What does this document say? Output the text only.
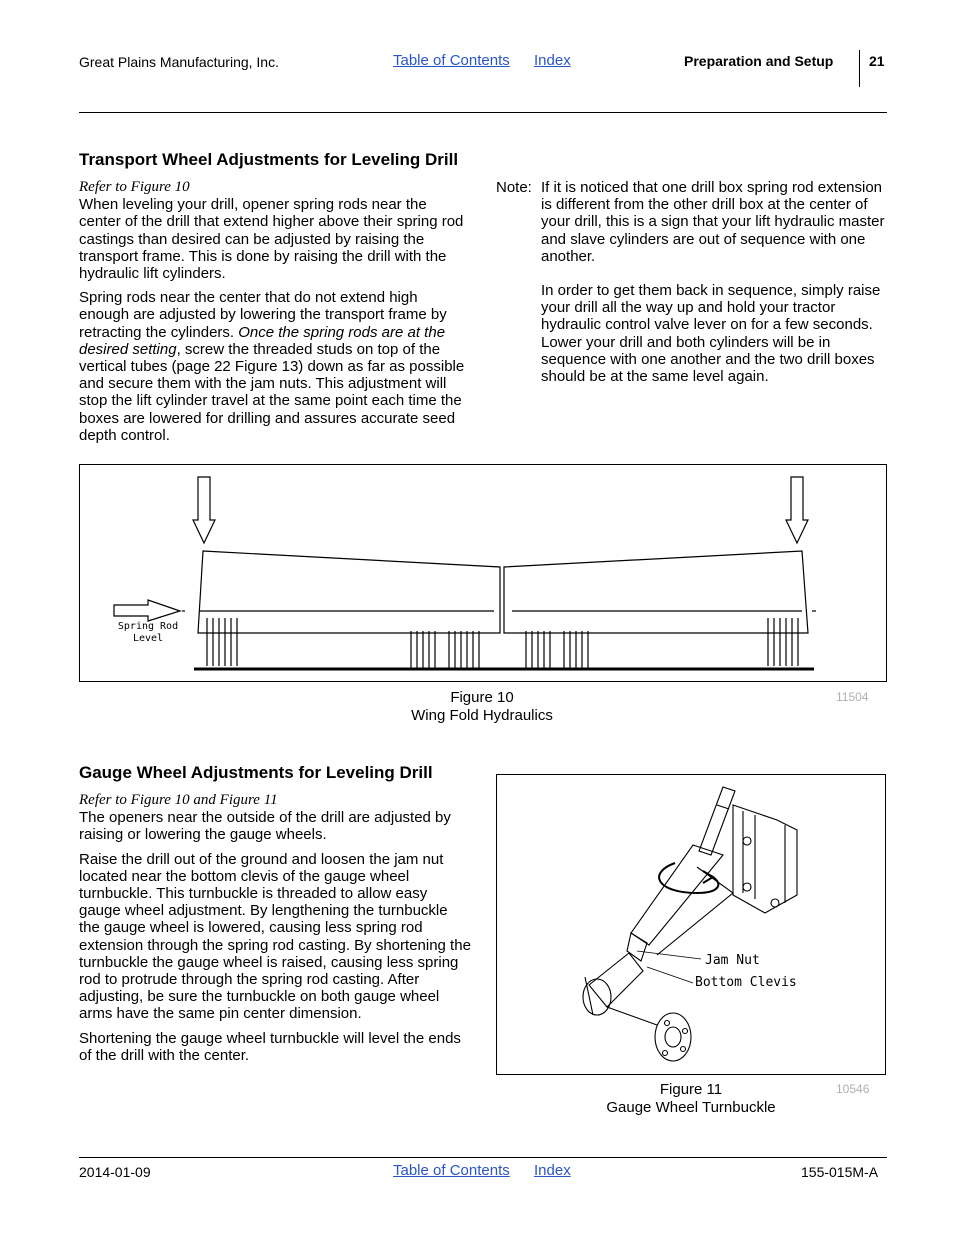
Great Plains Manufacturing, Inc.	Table of Contents Index	Preparation and Setup	21
Transport Wheel Adjustments for Leveling Drill
Refer to Figure 10

When leveling your drill, opener spring rods near the center of the drill that extend higher above their spring rod castings than desired can be adjusted by raising the transport frame. This is done by raising the drill with the hydraulic lift cylinders.

Spring rods near the center that do not extend high enough are adjusted by lowering the transport frame by retracting the cylinders. Once the spring rods are at the desired setting, screw the threaded studs on top of the vertical tubes (page 22 Figure 13) down as far as possible and secure them with the jam nuts. This adjustment will stop the lift cylinder travel at the same point each time the boxes are lowered for drilling and assures accurate seed depth control.

Note: If it is noticed that one drill box spring rod extension is different from the other drill box at the center of your drill, this is a sign that your lift hydraulic master and slave cylinders are out of sequence with one another.

In order to get them back in sequence, simply raise your drill all the way up and hold your tractor hydraulic control valve lever on for a few seconds. Lower your drill and both cylinders will be in sequence with one another and the two drill boxes should be at the same level again.

Spring Rod
Level
Figure 10
Wing Fold Hydraulics
11504
Gauge Wheel Adjustments for Leveling Drill
Refer to Figure 10 and Figure 11

The openers near the outside of the drill are adjusted by raising or lowering the gauge wheels.

Raise the drill out of the ground and loosen the jam nut located near the bottom clevis of the gauge wheel turnbuckle. This turnbuckle is threaded to allow easy gauge wheel adjustment. By lengthening the turnbuckle the gauge wheel is lowered, causing less spring rod extension through the spring rod casting. By shortening the turnbuckle the gauge wheel is raised, causing less spring rod to protrude through the spring rod casting. After adjusting, be sure the turnbuckle on both gauge wheel arms have the same pin center dimension.

Shortening the gauge wheel turnbuckle will level the ends of the drill with the center.

Jam Nut
Bottom Clevis
Figure 11
Gauge Wheel Turnbuckle
10546
2014-01-09	Table of Contents Index	155-015M-A
